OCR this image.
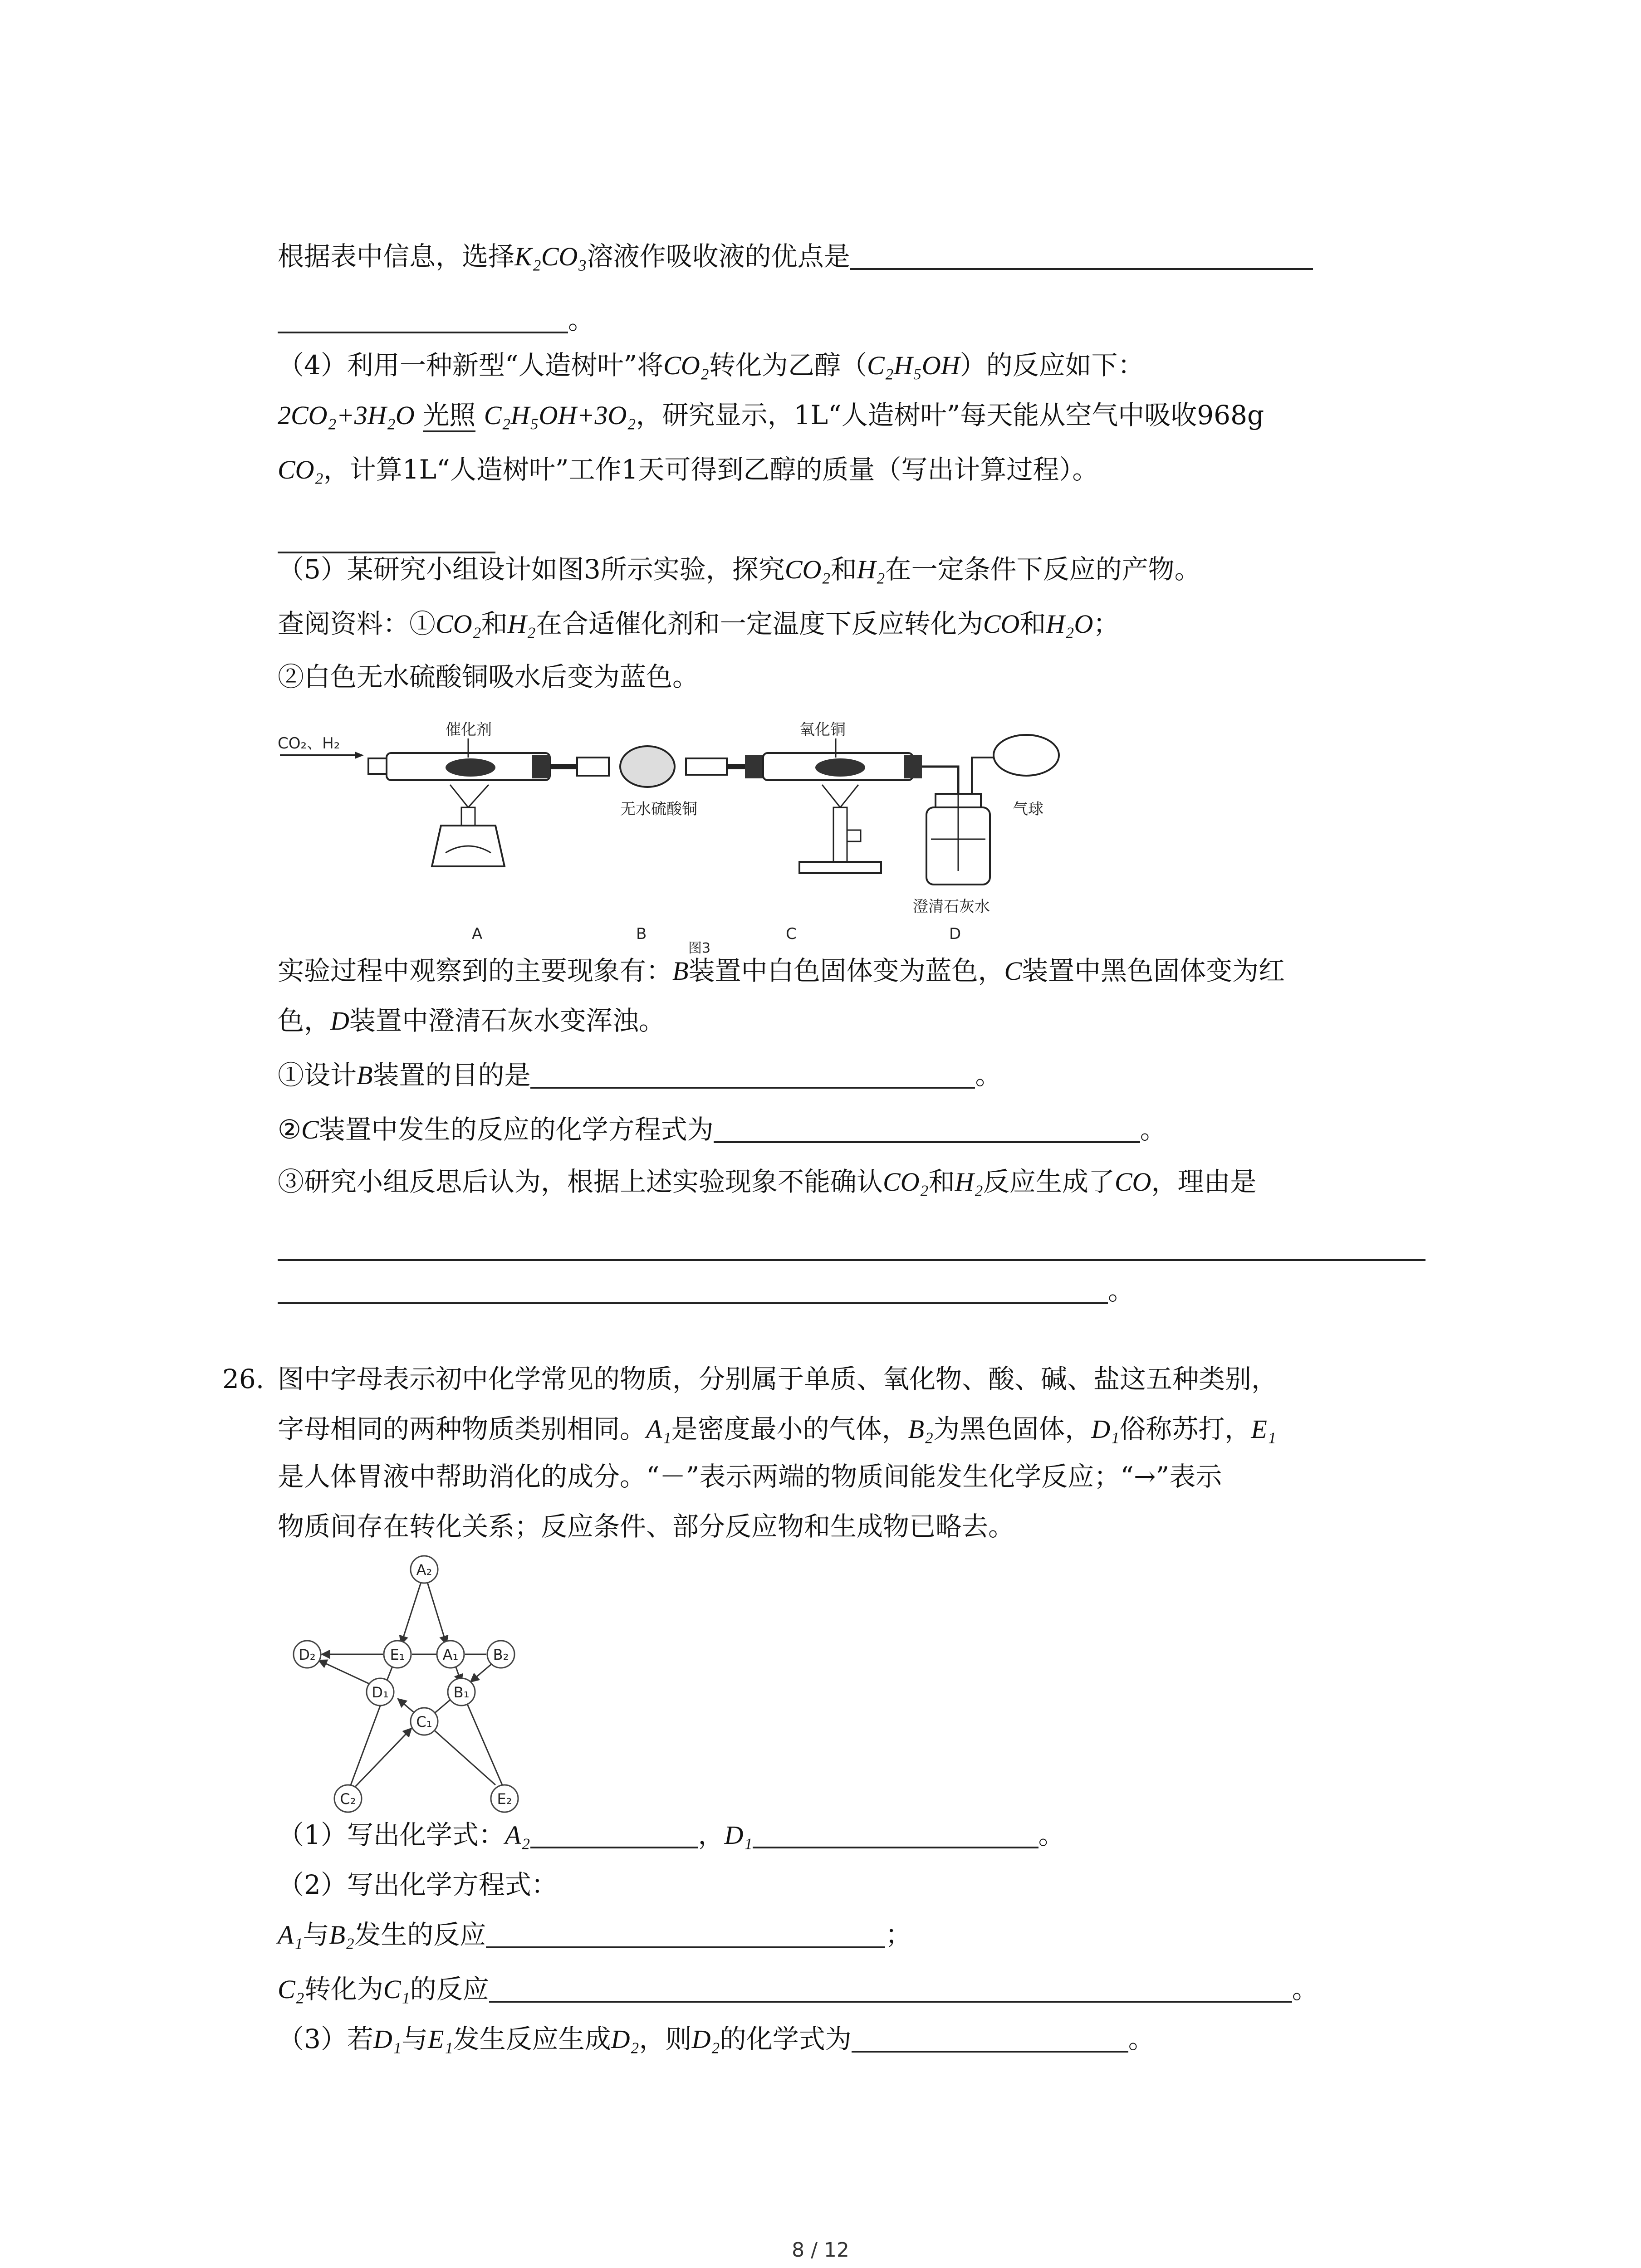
根据表中信息，选择K₂CO₃溶液作吸收液的优点是
。
（4）利用一种新型“人造树叶”将CO₂转化为乙醇（C₂H₅OH）的反应如下：
2CO₂+3H₂O 光照 C₂H₅OH+3O₂，研究显示，1L“人造树叶”每天能从空气中吸收968g
CO₂，计算1L“人造树叶”工作1天可得到乙醇的质量（写出计算过程）。
（5）某研究小组设计如图3所示实验，探究CO₂和H₂在一定条件下反应的产物。
查阅资料：①CO₂和H₂在合适催化剂和一定温度下反应转化为CO和H₂O；
②白色无水硫酸铜吸水后变为蓝色。
CO₂、H₂
催化剂
无水硫酸铜
氧化铜
气球
澄清石灰水
A	B
图3
C	D
实验过程中观察到的主要现象有：B装置中白色固体变为蓝色，C装置中黑色固体变为红
色，D装置中澄清石灰水变浑浊。
①设计B装置的目的是	。
②C装置中发生的反应的化学方程式为	。
③研究小组反思后认为，根据上述实验现象不能确认CO₂和H₂反应生成了CO，理由是
。
26. 图中字母表示初中化学常见的物质，分别属于单质、氧化物、酸、碱、盐这五种类别，
字母相同的两种物质类别相同。A₁是密度最小的气体，B₂为黑色固体，D₁俗称苏打，E₁
是人体胃液中帮助消化的成分。“－”表示两端的物质间能发生化学反应；“→”表示
物质间存在转化关系；反应条件、部分反应物和生成物已略去。
A₂
D₂	E₁	A₁ B₂
D₁	B₁
C₁
C₂	E₂
（1）写出化学式：A₂	，D₁	。
（2）写出化学方程式：
A₁与B₂发生的反应	；
C₂转化为C₁的反应	。
（3）若D₁与E₁发生反应生成D₂，则D₂的化学式为	。
8 / 12
